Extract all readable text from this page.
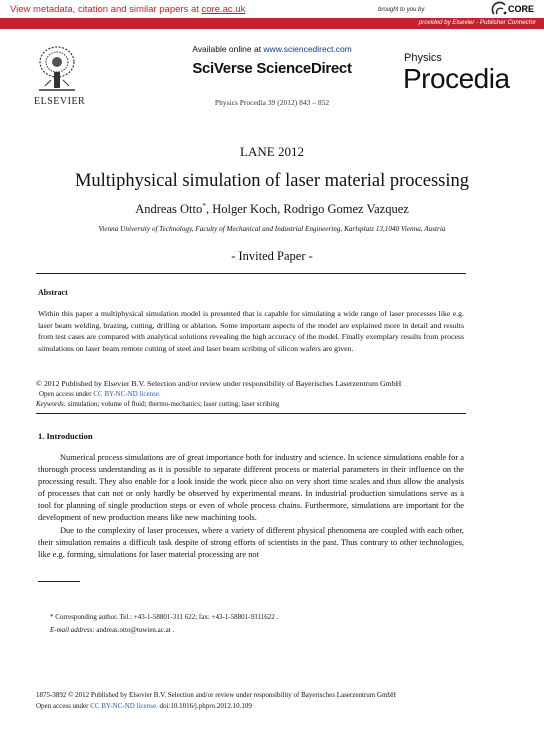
View metadata, citation and similar papers at core.ac.uk	brought to you by	CORE
provided by Elsevier - Publisher Connector
ELSEVIER
Available online at www.sciencedirect.com
SciVerse ScienceDirect
Physics Procedia 39 (2012) 843 – 852
Physics
Procedia
LANE 2012
Multiphysical simulation of laser material processing
Andreas Otto*, Holger Koch, Rodrigo Gomez Vazquez
Vienna University of Technology, Faculty of Mechanical and Industrial Engineering, Karlsplatz 13,1040 Vienna, Austria
- Invited Paper -
Abstract
Within this paper a multiphysical simulation model is presented that is capable for simulating a wide range of laser processes like e.g. laser beam welding, brazing, cutting, drilling or ablation. Some important aspects of the model are explained more in detail and results from test cases are compared with analytical solutions revealing the high accuracy of the model. Finally exemplary results from process simulations on laser beam remote cutting of steel and laser beam scribing of silicon wafers are given.
© 2012 Published by Elsevier B.V. Selection and/or review under responsibility of Bayerisches Laserzentrum GmbH
Open access under CC BY-NC-ND license.
Keywords: simulation; volume of fluid; thermo-mechanics; laser cutting; laser scribing
1. Introduction

Numerical process simulations are of great importance both for industry and science. In science simulations enable for a thorough process understanding as it is possible to separate different process or material parameters in their influence on the processing result. They also enable for a look inside the work piece also on very short time scales and thus allow the analysis of processes that can not or only hardly be observed by experimental means. In industrial production simulations serve as a tool for planning of single production steps or even of whole process chains. Furthermore, simulations are important for the development of new production means like new machining tools.

Due to the complexity of laser processes, where a variety of different physical phenomena are coupled with each other, their simulation remains a difficult task despite of strong efforts of scientists in the past. Thus contrary to other technologies, like e.g. forming, simulations for laser material processing are not

* Corresponding author. Tel.: +43-1-58801-311 622; fax: +43-1-58801-9311622 .
E-mail address: andreas.otto@tuwien.ac.at .
1875-3892 © 2012 Published by Elsevier B.V. Selection and/or review under responsibility of Bayerisches Laserzentrum GmbH
Open access under CC BY-NC-ND license. doi:10.1016/j.phpro.2012.10.109
